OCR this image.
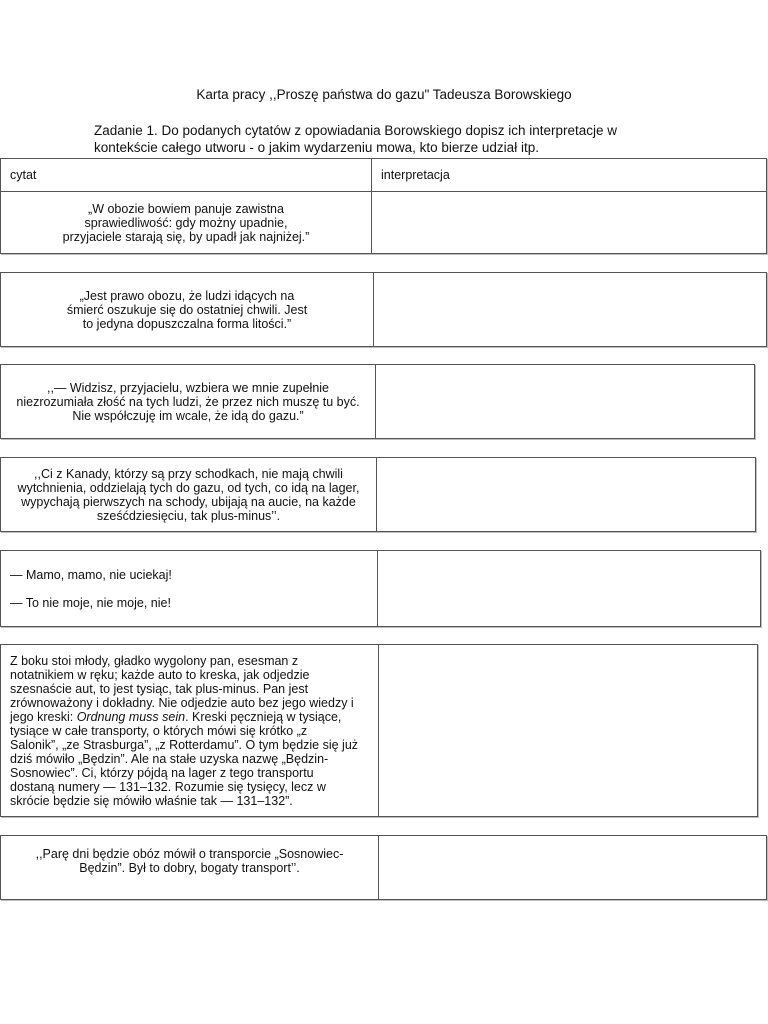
Karta pracy ,,Proszę państwa do gazu" Tadeusza Borowskiego
Zadanie 1. Do podanych cytatów z opowiadania Borowskiego dopisz ich interpretacje w
kontekście całego utworu - o jakim wydarzeniu mowa, kto bierze udział itp.
cytat	interpretacja
„W obozie bowiem panuje zawistna
sprawiedliwość: gdy możny upadnie,
przyjaciele starają się, by upadł jak najniżej.”
„Jest prawo obozu, że ludzi idących na
śmierć oszukuje się do ostatniej chwili. Jest
to jedyna dopuszczalna forma litości.”
,,— Widzisz, przyjacielu, wzbiera we mnie zupełnie
niezrozumiała złość na tych ludzi, że przez nich muszę tu być.
Nie współczuję im wcale, że idą do gazu.”
,,Ci z Kanady, którzy są przy schodkach, nie mają chwili
wytchnienia, oddzielają tych do gazu, od tych, co idą na lager,
wypychają pierwszych na schody, ubijają na aucie, na każde
sześćdziesięciu, tak plus-minus’’.
— Mamo, mamo, nie uciekaj!
— To nie moje, nie moje, nie!
Z boku stoi młody, gładko wygolony pan, esesman z
notatnikiem w ręku; każde auto to kreska, jak odjedzie
szesnaście aut, to jest tysiąc, tak plus-minus. Pan jest
zrównoważony i dokładny. Nie odjedzie auto bez jego wiedzy i
jego kreski: Ordnung muss sein. Kreski pęcznieją w tysiące,
tysiące w całe transporty, o których mówi się krótko „z
Salonik”, „ze Strasburga”, „z Rotterdamu”. O tym będzie się już
dziś mówiło „Będzin”. Ale na stałe uzyska nazwę „Będzin-
Sosnowiec”. Ci, którzy pójdą na lager z tego transportu
dostaną numery — 131–132. Rozumie się tysięcy, lecz w
skrócie będzie się mówiło właśnie tak — 131–132”.
,,Parę dni będzie obóz mówił o transporcie „Sosnowiec-
Będzin”. Był to dobry, bogaty transport’’.
